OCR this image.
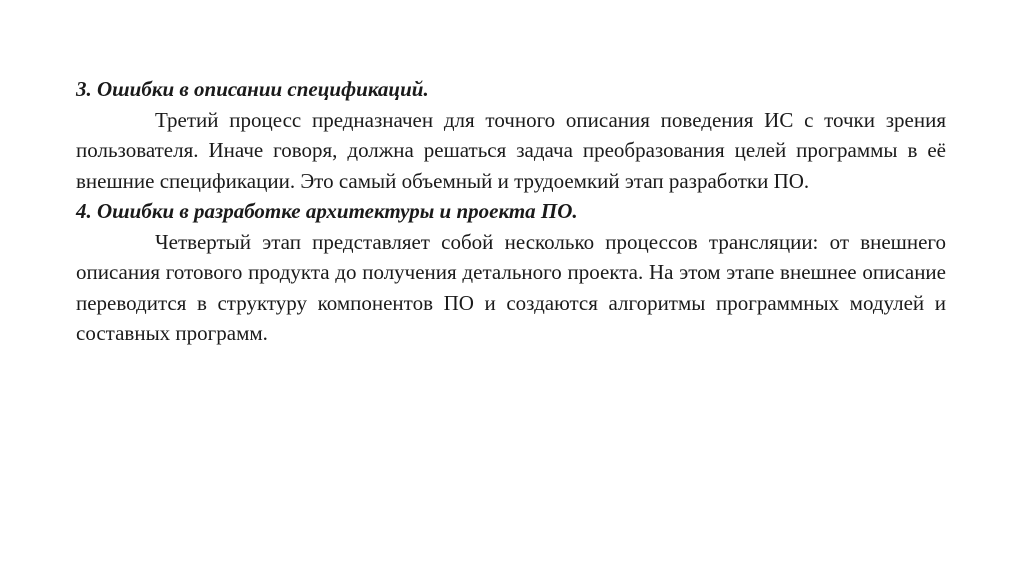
3. Ошибки в описании спецификаций.

Третий процесс предназначен для точного описания поведения ИС с точки зрения пользователя. Иначе говоря, должна решаться задача преобразования целей программы в её внешние спецификации. Это самый объемный и трудоемкий этап разработки ПО.

4. Ошибки в разработке архитектуры и проекта ПО.

Четвертый этап представляет собой несколько процессов трансляции: от внешнего описания готового продукта до получения детального проекта. На этом этапе внешнее описание переводится в структуру компонентов ПО и создаются алгоритмы программных модулей и составных программ.
